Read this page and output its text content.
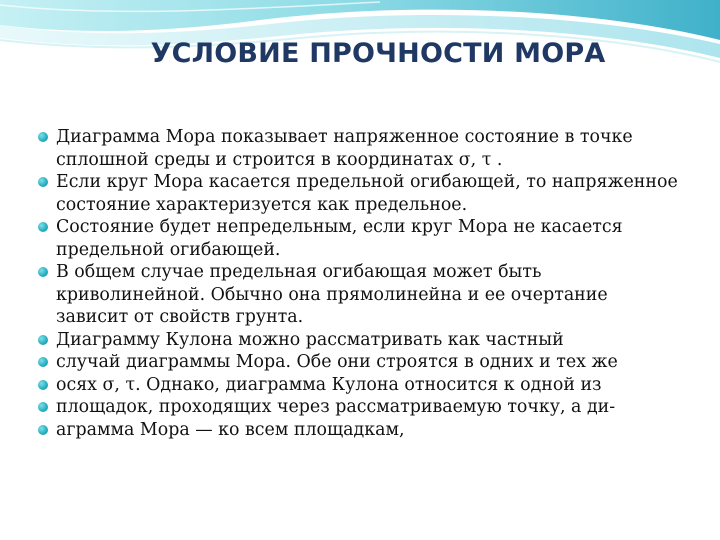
УСЛОВИЕ ПРОЧНОСТИ МОРА
Диаграмма Мора показывает напряженное состояние в точке сплошной среды и строится в координатах σ, τ .
Если круг Мора касается предельной огибающей, то напряженное состояние характеризуется как предельное.
Состояние будет непредельным, если круг Мора не касается предельной огибающей.
В общем случае предельная огибающая может быть криволинейной. Обычно она прямолинейна и ее очертание зависит от свойств грунта.
Диаграмму Кулона можно рассматривать как частный
случай диаграммы Мора. Обе они строятся в одних и тех же
осях σ, τ. Однако, диаграмма Кулона относится к одной из
площадок, проходящих через рассматриваемую точку, а ди-
аграмма Мора — ко всем площадкам,
